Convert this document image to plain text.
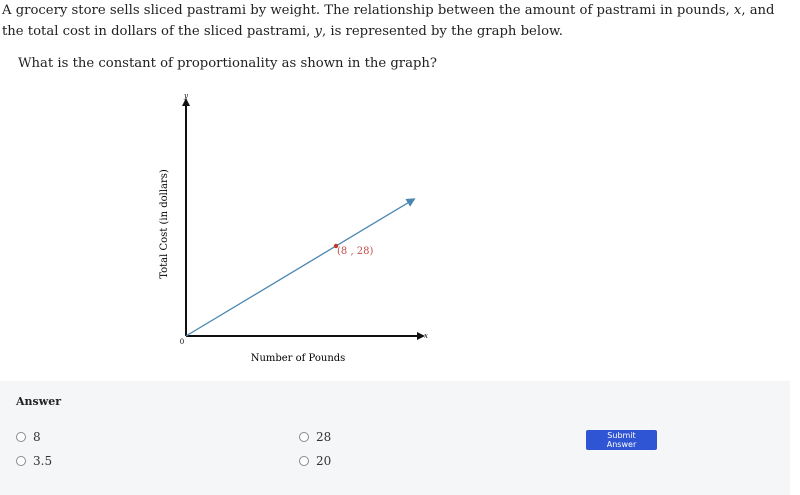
A grocery store sells sliced pastrami by weight. The relationship between the amount of pastrami in pounds, x, and the total cost in dollars of the sliced pastrami, y, is represented by the graph below.

What is the constant of proportionality as shown in the graph?
y
x
0
Number of Pounds
Total Cost (in dollars)	(8 , 28)
Answer
8	28
3.5	20
Submit Answer
